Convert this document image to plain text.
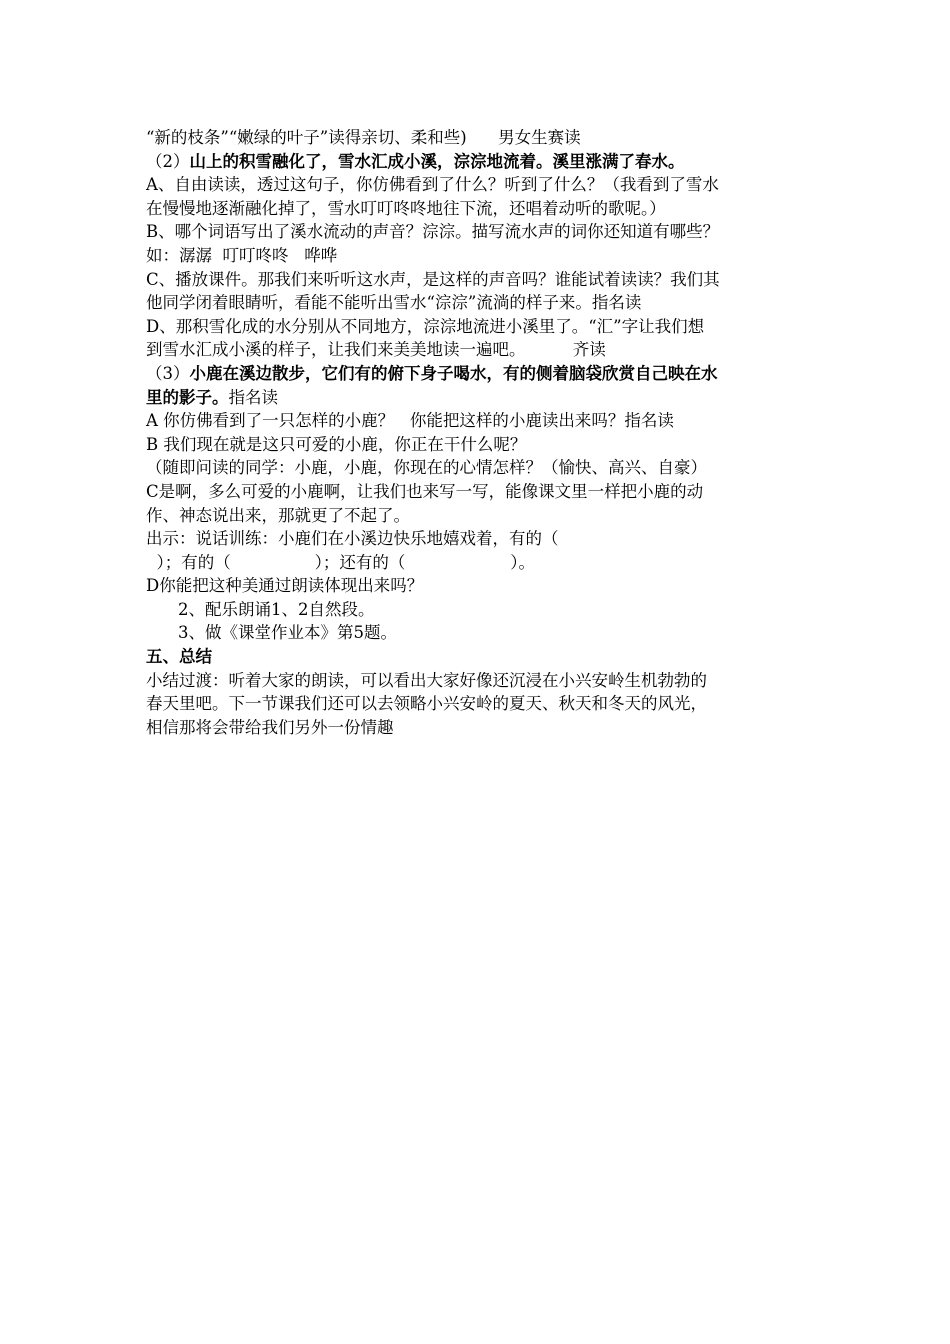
“新的枝条”“嫩绿的叶子”读得亲切、柔和些)      男女生赛读
（2）山上的积雪融化了，雪水汇成小溪，淙淙地流着。溪里涨满了春水。
A、自由读读，透过这句子，你仿佛看到了什么？听到了什么？（我看到了雪水
在慢慢地逐渐融化掉了，雪水叮叮咚咚地往下流，还唱着动听的歌呢。）
B、哪个词语写出了溪水流动的声音？淙淙。描写流水声的词你还知道有哪些？
如：潺潺  叮叮咚咚   哗哗
C、播放课件。那我们来听听这水声，是这样的声音吗？谁能试着读读？我们其
他同学闭着眼睛听，看能不能听出雪水“淙淙”流淌的样子来。指名读
D、那积雪化成的水分别从不同地方，淙淙地流进小溪里了。“汇”字让我们想
到雪水汇成小溪的样子，让我们来美美地读一遍吧。         齐读
（3）小鹿在溪边散步，它们有的俯下身子喝水，有的侧着脑袋欣赏自己映在水
里的影子。指名读
A 你仿佛看到了一只怎样的小鹿？   你能把这样的小鹿读出来吗？指名读
B 我们现在就是这只可爱的小鹿，你正在干什么呢？
（随即问读的同学：小鹿，小鹿，你现在的心情怎样？（愉快、高兴、自豪）
C是啊，多么可爱的小鹿啊，让我们也来写一写，能像课文里一样把小鹿的动
作、神态说出来，那就更了不起了。
出示：说话训练：小鹿们在小溪边快乐地嬉戏着，有的（
）；有的（                ）；还有的（                    ）。
D你能把这种美通过朗读体现出来吗？
2、配乐朗诵1、2自然段。
3、做《课堂作业本》第5题。
五、总结
小结过渡：听着大家的朗读，可以看出大家好像还沉浸在小兴安岭生机勃勃的
春天里吧。下一节课我们还可以去领略小兴安岭的夏天、秋天和冬天的风光，
相信那将会带给我们另外一份情趣
